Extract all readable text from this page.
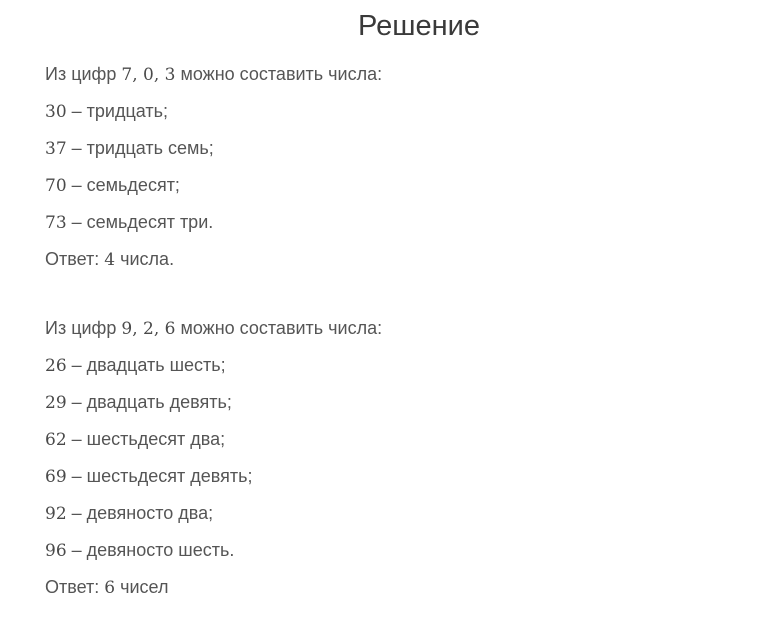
Решение
Из цифр 7, 0, 3 можно составить числа:
30 – тридцать;
37 – тридцать семь;
70 – семьдесят;
73 – семьдесят три.
Ответ: 4 числа.
Из цифр 9, 2, 6 можно составить числа:
26 – двадцать шесть;
29 – двадцать девять;
62 – шестьдесят два;
69 – шестьдесят девять;
92 – девяносто два;
96 – девяносто шесть.
Ответ: 6 чисел
